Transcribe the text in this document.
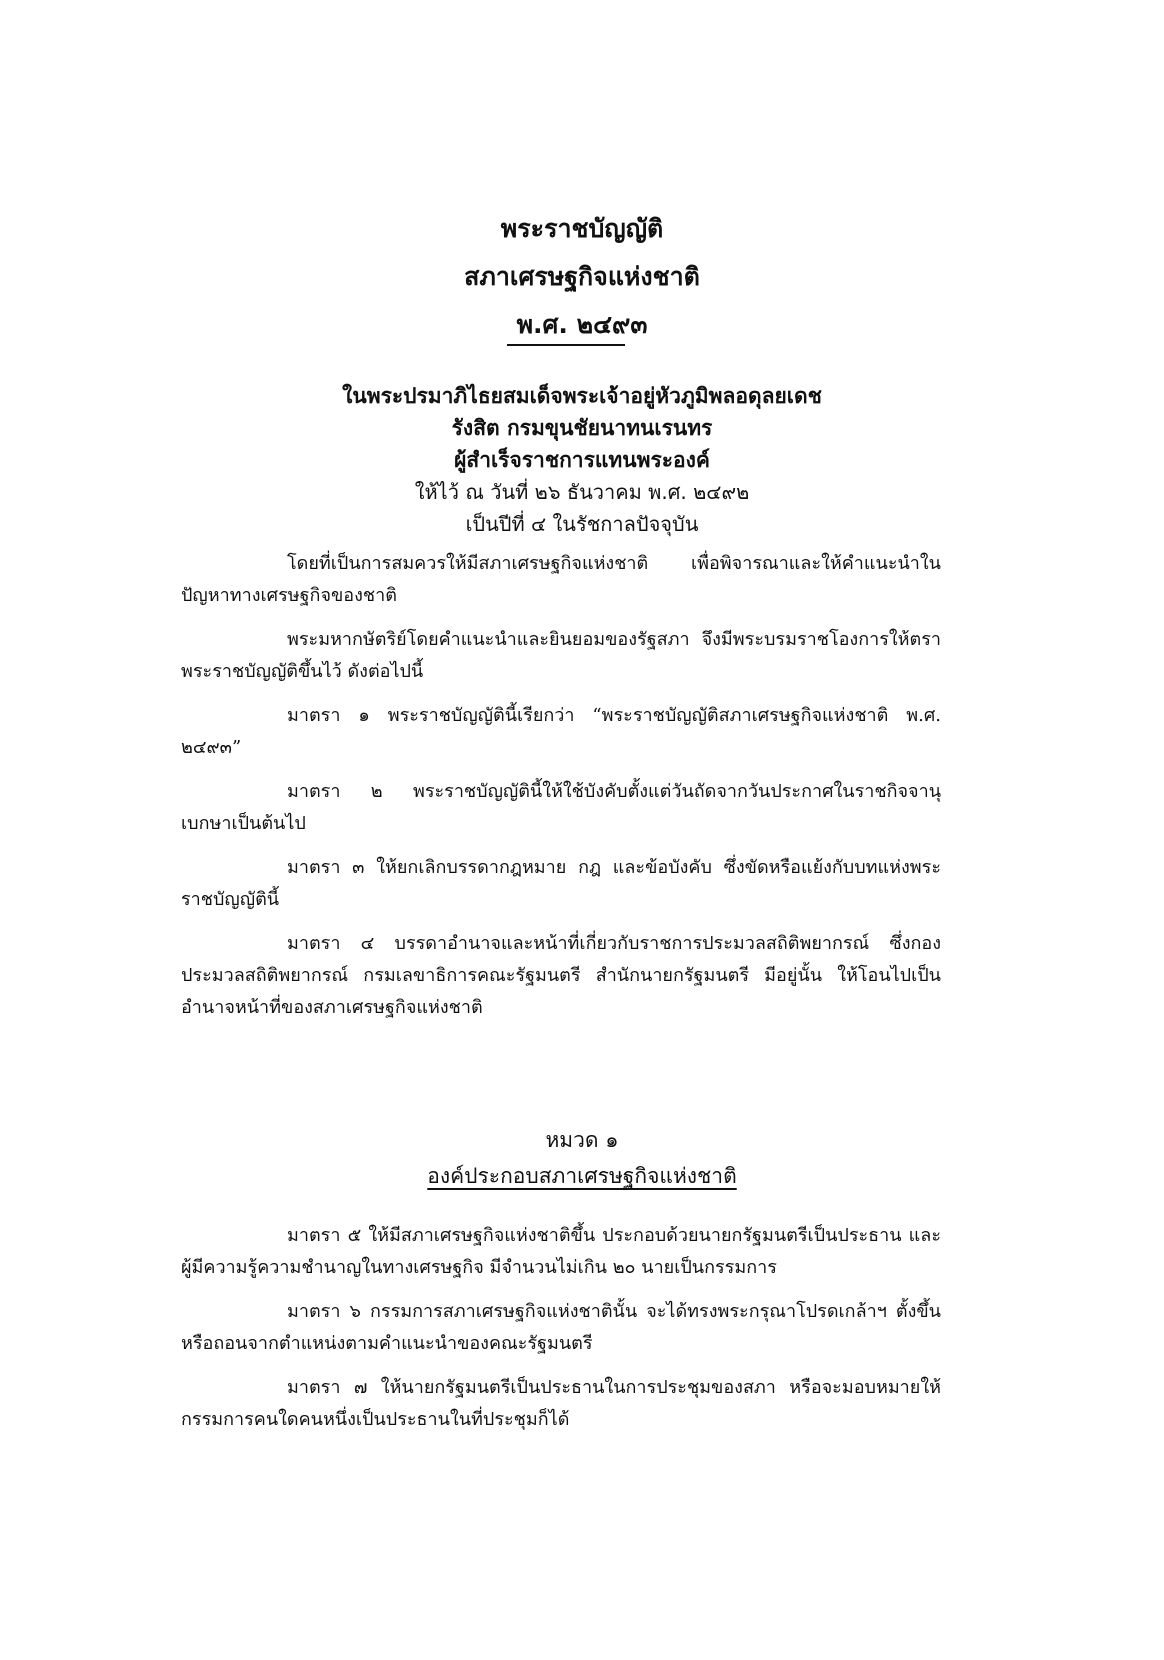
พระราชบัญญัติ
สภาเศรษฐกิจแห่งชาติ
พ.ศ. ๒๔๙๓
ในพระปรมาภิไธยสมเด็จพระเจ้าอยู่หัวภูมิพลอดุลยเดช
รังสิต กรมขุนชัยนาทนเรนทร
ผู้สำเร็จราชการแทนพระองค์
ให้ไว้ ณ วันที่ ๒๖ ธันวาคม พ.ศ. ๒๔๙๒
เป็นปีที่ ๔ ในรัชกาลปัจจุบัน

โดยที่เป็นการสมควรให้มีสภาเศรษฐกิจแห่งชาติ เพื่อพิจารณาและให้คำแนะนำในปัญหาทางเศรษฐกิจของชาติ

พระมหากษัตริย์โดยคำแนะนำและยินยอมของรัฐสภา จึงมีพระบรมราชโองการให้ตราพระราชบัญญัติขึ้นไว้ ดังต่อไปนี้

มาตรา ๑ พระราชบัญญัตินี้เรียกว่า “พระราชบัญญัติสภาเศรษฐกิจแห่งชาติ พ.ศ. ๒๔๙๓”

มาตรา ๒ พระราชบัญญัตินี้ให้ใช้บังคับตั้งแต่วันถัดจากวันประกาศในราชกิจจานุเบกษาเป็นต้นไป

มาตรา ๓ ให้ยกเลิกบรรดากฎหมาย กฎ และข้อบังคับ ซึ่งขัดหรือแย้งกับบทแห่งพระราชบัญญัตินี้

มาตรา ๔ บรรดาอำนาจและหน้าที่เกี่ยวกับราชการประมวลสถิติพยากรณ์ ซึ่งกองประมวลสถิติพยากรณ์ กรมเลขาธิการคณะรัฐมนตรี สำนักนายกรัฐมนตรี มีอยู่นั้น ให้โอนไปเป็นอำนาจหน้าที่ของสภาเศรษฐกิจแห่งชาติ

หมวด ๑
องค์ประกอบสภาเศรษฐกิจแห่งชาติ

มาตรา ๕ ให้มีสภาเศรษฐกิจแห่งชาติขึ้น ประกอบด้วยนายกรัฐมนตรีเป็นประธาน และผู้มีความรู้ความชำนาญในทางเศรษฐกิจ มีจำนวนไม่เกิน ๒๐ นายเป็นกรรมการ

มาตรา ๖ กรรมการสภาเศรษฐกิจแห่งชาตินั้น จะได้ทรงพระกรุณาโปรดเกล้าฯ ตั้งขึ้น หรือถอนจากตำแหน่งตามคำแนะนำของคณะรัฐมนตรี

มาตรา ๗ ให้นายกรัฐมนตรีเป็นประธานในการประชุมของสภา หรือจะมอบหมายให้กรรมการคนใดคนหนึ่งเป็นประธานในที่ประชุมก็ได้
